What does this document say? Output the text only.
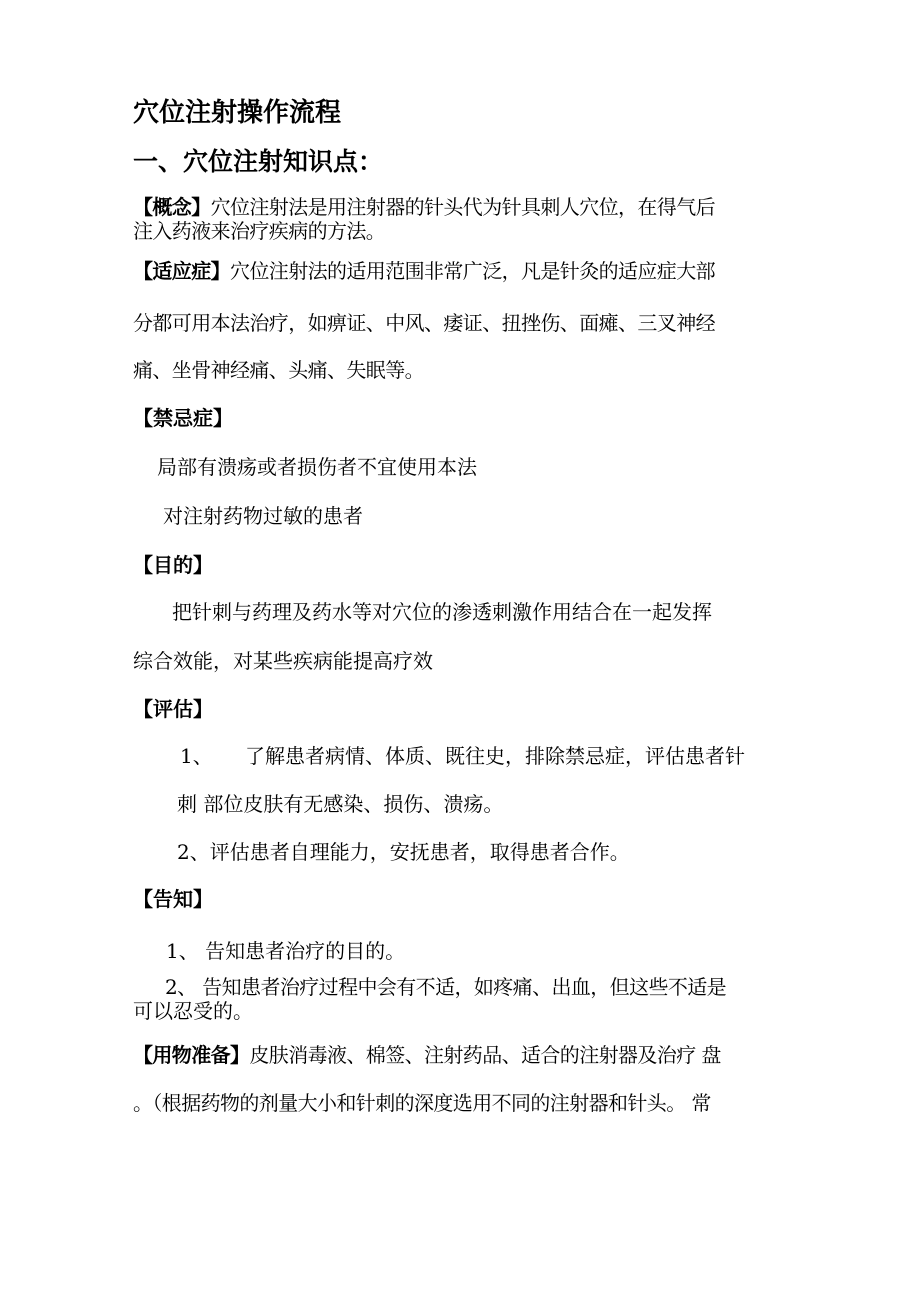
穴位注射操作流程
一、穴位注射知识点：
【概念】穴位注射法是用注射器的针头代为针具刺人穴位，在得气后
注入药液来治疗疾病的方法。
【适应症】穴位注射法的适用范围非常广泛，凡是针灸的适应症大部
分都可用本法治疗，如痹证、中风、痿证、扭挫伤、面瘫、三叉神经
痛、坐骨神经痛、头痛、失眠等。
【禁忌症】
局部有溃疡或者损伤者不宜使用本法
对注射药物过敏的患者
【目的】
把针刺与药理及药水等对穴位的渗透刺激作用结合在一起发挥
综合效能，对某些疾病能提高疗效
【评估】
1、 了解患者病情、体质、既往史，排除禁忌症，评估患者针
刺 部位皮肤有无感染、损伤、溃疡。
2、评估患者自理能力，安抚患者，取得患者合作。
【告知】
1、 告知患者治疗的目的。
2、 告知患者治疗过程中会有不适，如疼痛、出血，但这些不适是
可以忍受的。
【用物准备】皮肤消毒液、棉签、注射药品、适合的注射器及治疗 盘
。（根据药物的剂量大小和针刺的深度选用不同的注射器和针头。 常
